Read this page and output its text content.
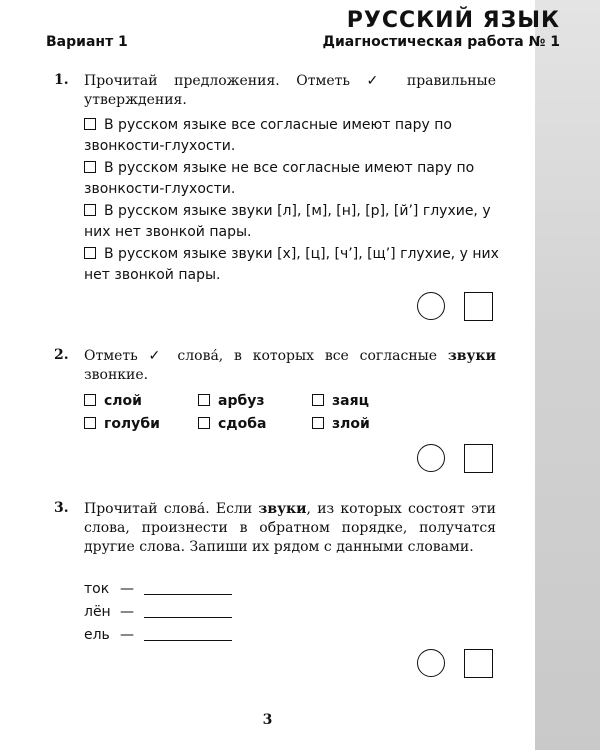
РУССКИЙ ЯЗЫК
Вариант 1	Диагностическая работа № 1
1. Прочитай предложения. Отметь ✓ правильные утверждения.
В русском языке все согласные имеют пару по звонкости-глухости.
В русском языке не все согласные имеют пару по звонкости-глухости.
В русском языке звуки [л], [м], [н], [р], [й’] глухие, у них нет звонкой пары.
В русском языке звуки [х], [ц], [ч’], [щ’] глухие, у них нет звонкой пары.
2. Отметь ✓ слова́, в которых все согласные звуки звонкие.
слой	арбуз	заяц
голуби	сдоба	злой
3. Прочитай слова́. Если звуки, из которых состоят эти слова, произнести в обратном порядке, получатся другие слова. Запиши их рядом с данными словами.
ток —
лён —
ель —
3
